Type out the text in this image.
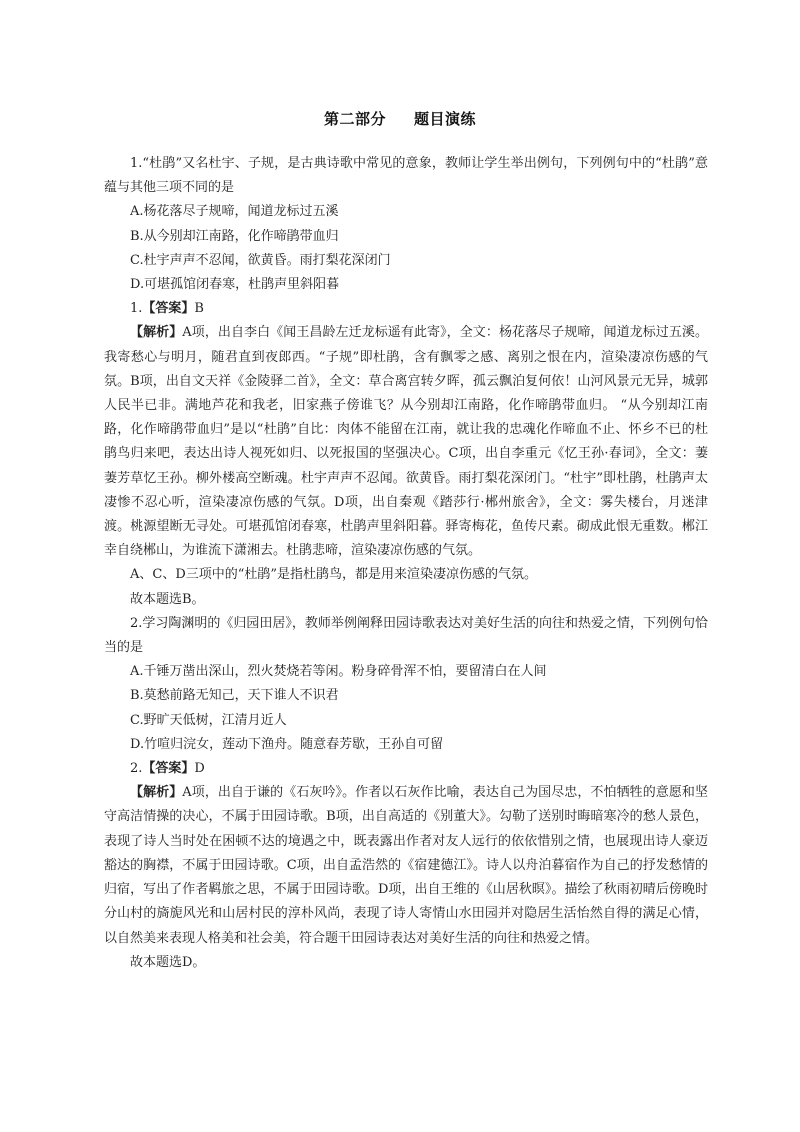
第二部分 题目演练

1.“杜鹃”又名杜宇、子规，是古典诗歌中常见的意象，教师让学生举出例句，下列例句中的“杜鹃”意蕴与其他三项不同的是

A.杨花落尽子规啼，闻道龙标过五溪

B.从今别却江南路，化作啼鹃带血归

C.杜宇声声不忍闻，欲黄昏。雨打梨花深闭门

D.可堪孤馆闭春寒，杜鹃声里斜阳暮

1.【答案】B

【解析】A项，出自李白《闻王昌龄左迁龙标遥有此寄》，全文：杨花落尽子规啼，闻道龙标过五溪。我寄愁心与明月，随君直到夜郎西。“子规”即杜鹃，含有飘零之感、离别之恨在内，渲染凄凉伤感的气氛。B项，出自文天祥《金陵驿二首》，全文：草合离宫转夕晖，孤云飘泊复何依！山河风景元无异，城郭人民半已非。满地芦花和我老，旧家燕子傍谁飞？从今别却江南路，化作啼鹃带血归。 “从今别却江南路，化作啼鹃带血归”是以“杜鹃”自比：肉体不能留在江南，就让我的忠魂化作啼血不止、怀乡不已的杜鹃鸟归来吧，表达出诗人视死如归、以死报国的坚强决心。C项，出自李重元《忆王孙·春词》，全文：萋萋芳草忆王孙。柳外楼高空断魂。杜宇声声不忍闻。欲黄昏。雨打梨花深闭门。“杜宇”即杜鹃，杜鹃声太凄惨不忍心听，渲染凄凉伤感的气氛。D项，出自秦观《踏莎行·郴州旅舍》，全文：雾失楼台，月迷津渡。桃源望断无寻处。可堪孤馆闭春寒，杜鹃声里斜阳暮。驿寄梅花，鱼传尺素。砌成此恨无重数。郴江幸自绕郴山，为谁流下潇湘去。杜鹃悲啼，渲染凄凉伤感的气氛。

A、C、D三项中的“杜鹃”是指杜鹃鸟，都是用来渲染凄凉伤感的气氛。

故本题选B。

2.学习陶渊明的《归园田居》，教师举例阐释田园诗歌表达对美好生活的向往和热爱之情，下列例句恰当的是

A.千锤万凿出深山，烈火焚烧若等闲。粉身碎骨浑不怕，要留清白在人间

B.莫愁前路无知己，天下谁人不识君

C.野旷天低树，江清月近人

D.竹喧归浣女，莲动下渔舟。随意春芳歇，王孙自可留

2.【答案】D

【解析】A项，出自于谦的《石灰吟》。作者以石灰作比喻，表达自己为国尽忠，不怕牺牲的意愿和坚守高洁情操的决心，不属于田园诗歌。B项，出自高适的《别董大》。勾勒了送别时晦暗寒冷的愁人景色，表现了诗人当时处在困顿不达的境遇之中，既表露出作者对友人远行的依依惜别之情，也展现出诗人豪迈豁达的胸襟，不属于田园诗歌。C项，出自孟浩然的《宿建德江》。诗人以舟泊暮宿作为自己的抒发愁情的归宿，写出了作者羁旅之思，不属于田园诗歌。D项，出自王维的《山居秋暝》。描绘了秋雨初晴后傍晚时分山村的旖旎风光和山居村民的淳朴风尚，表现了诗人寄情山水田园并对隐居生活怡然自得的满足心情，以自然美来表现人格美和社会美，符合题干田园诗表达对美好生活的向往和热爱之情。

故本题选D。
